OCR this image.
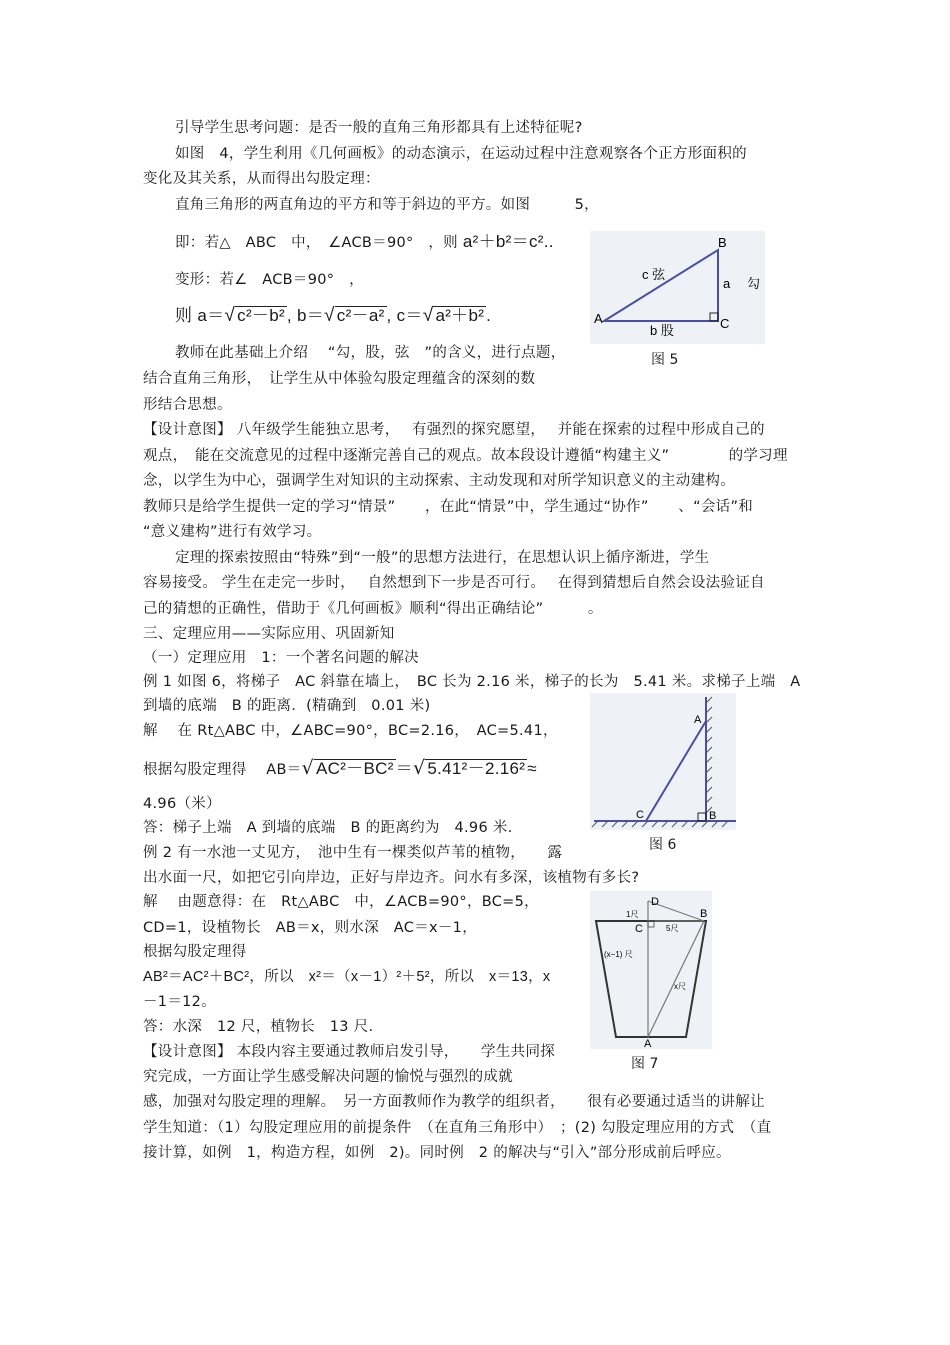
引导学生思考问题：是否一般的直角三角形都具有上述特征呢?
如图　4，学生利用《几何画板》的动态演示，在运动过程中注意观察各个正方形面积的
变化及其关系，从而得出勾股定理：
直角三角形的两直角边的平方和等于斜边的平方。如图　　　5，
即：若△　ABC　中，　∠ACB＝90°　，则 a²＋b²＝c²..
变形：若∠　ACB＝90°　，
则 a＝√ c²－b² , b＝√ c²－a² , c＝√ a²＋b² .
教师在此基础上介绍　 “勾，股，弦　”的含义，进行点题，
结合直角三角形，　让学生从中体验勾股定理蕴含的深刻的数
形结合思想。
B
A	C
c 弦
a 勾
b 股
图 5
【设计意图】 八年级学生能独立思考，　 有强烈的探究愿望，　 并能在探索的过程中形成自己的
观点，　能在交流意见的过程中逐渐完善自己的观点。故本段设计遵循“构建主义”　　　　的学习理
念，以学生为中心，强调学生对知识的主动探索、主动发现和对所学知识意义的主动建构。
教师只是给学生提供一定的学习“情景”　　，在此“情景”中，学生通过“协作”　　、“会话”和
“意义建构”进行有效学习。
定理的探索按照由“特殊”到“一般”的思想方法进行，在思想认识上循序渐进，学生
容易接受。 学生在走完一步时，　 自然想到下一步是否可行。　 在得到猜想后自然会设法验证自
己的猜想的正确性，借助于《几何画板》顺利“得出正确结论”　　　。
三、定理应用——实际应用、巩固新知
（一）定理应用　1：一个著名问题的解决
例 1 如图 6，将梯子　AC 斜靠在墙上，　BC 长为 2.16 米，梯子的长为　5.41 米。求梯子上端　A
到墙的底端　B 的距离．(精确到　0.01 米)
解　 在 Rt△ABC 中，∠ABC=90°，BC=2.16，　AC=5.41，
根据勾股定理得　 AB＝√ AC²－BC² ＝√ 5.41²－2.16² ≈
4.96（米）
答：梯子上端　A 到墙的底端　B 的距离约为　4.96 米.
A
C	B
图 6
例 2 有一水池一丈见方，　池中生有一棵类似芦苇的植物，　　露
出水面一尺，如把它引向岸边，正好与岸边齐。问水有多深，该植物有多长?
解　 由题意得：在　Rt△ABC　中，∠ACB=90°，BC=5，
CD=1，设植物长　AB＝x，则水深　AC＝x－1，
根据勾股定理得
AB²＝AC²＋BC²，所以　x²＝（x－1）²＋5²，所以　x＝13，x
－1＝12。
答：水深　12 尺，植物长　13 尺.
D
B
C
A
1尺
5尺
(x−1) 尺
x尺
图 7
【设计意图】 本段内容主要通过教师启发引导，　　学生共同探
究完成，一方面让学生感受解决问题的愉悦与强烈的成就
感，加强对勾股定理的理解。　另一方面教师作为教学的组织者，　　很有必要通过适当的讲解让
学生知道：（1）勾股定理应用的前提条件　（在直角三角形中）　；(2) 勾股定理应用的方式　（直
接计算，如例　1，构造方程，如例　2)。同时例　2 的解决与“引入”部分形成前后呼应。
